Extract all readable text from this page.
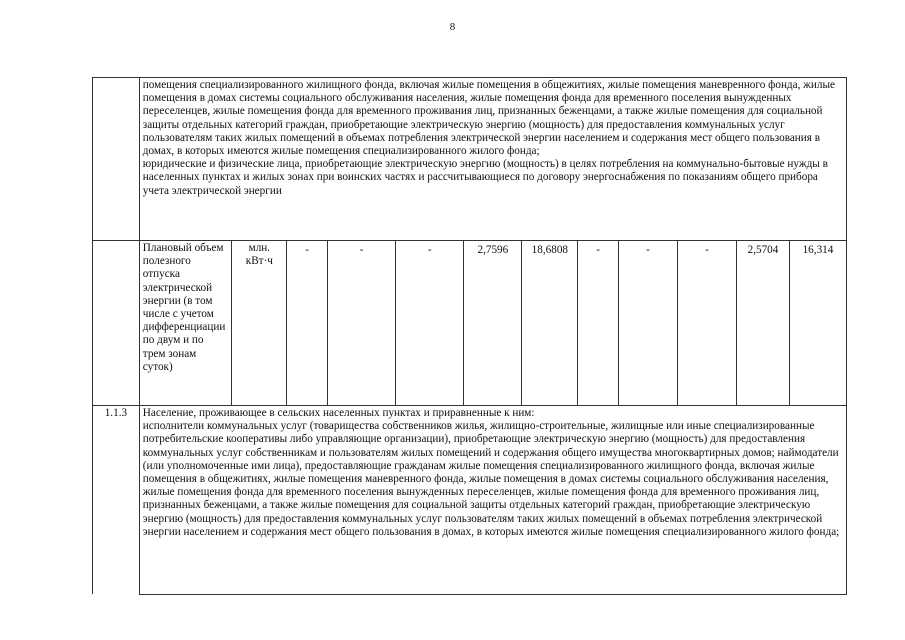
8

	помещения специализированного жилищного фонда, включая жилые помещения в общежитиях, жилые помещения маневренного фонда, жилые помещения в домах системы социального обслуживания населения, жилые помещения фонда для временного поселения вынужденных переселенцев, жилые помещения фонда для временного проживания лиц, признанных беженцами, а также жилые помещения для социальной защиты отдельных категорий граждан, приобретающие электрическую энергию (мощность) для предоставления коммунальных услуг пользователям таких жилых помещений в объемах потребления электрической энергии населением и содержания мест общего пользования в домах, в которых имеются жилые помещения специализированного жилого фонда;

юридические и физические лица, приобретающие электрическую энергию (мощность) в целях потребления на коммунально-бытовые нужды в населенных пунктах и жилых зонах при воинских частях и рассчитывающиеся по договору энергоснабжения по показаниям общего прибора учета электрической энергии											

	Плановый объем полезного отпуска электрической энергии (в том числе с учетом дифференциации по двум и по трем зонам суток)	млн. кВт·ч	-	-	-	2,7596	18,6808	-	-	-	2,5704	16,314
1.1.3	Население, проживающее в сельских населенных пунктах и приравненные к ним:

исполнители коммунальных услуг (товарищества собственников жилья, жилищно-строительные, жилищные или иные специализированные потребительские кооперативы либо управляющие организации), приобретающие электрическую энергию (мощность) для предоставления коммунальных услуг собственникам и пользователям жилых помещений и содержания общего имущества многоквартирных домов; наймодатели (или уполномоченные ими лица), предоставляющие гражданам жилые помещения специализированного жилищного фонда, включая жилые помещения в общежитиях, жилые помещения маневренного фонда, жилые помещения в домах системы социального обслуживания населения, жилые помещения фонда для временного поселения вынужденных переселенцев, жилые помещения фонда для временного проживания лиц, признанных беженцами, а также жилые помещения для социальной защиты отдельных категорий граждан, приобретающие электрическую энергию (мощность) для предоставления коммунальных услуг пользователям таких жилых помещений в объемах потребления электрической энергии населением и содержания мест общего пользования в домах, в которых имеются жилые помещения специализированного жилого фонда;											
